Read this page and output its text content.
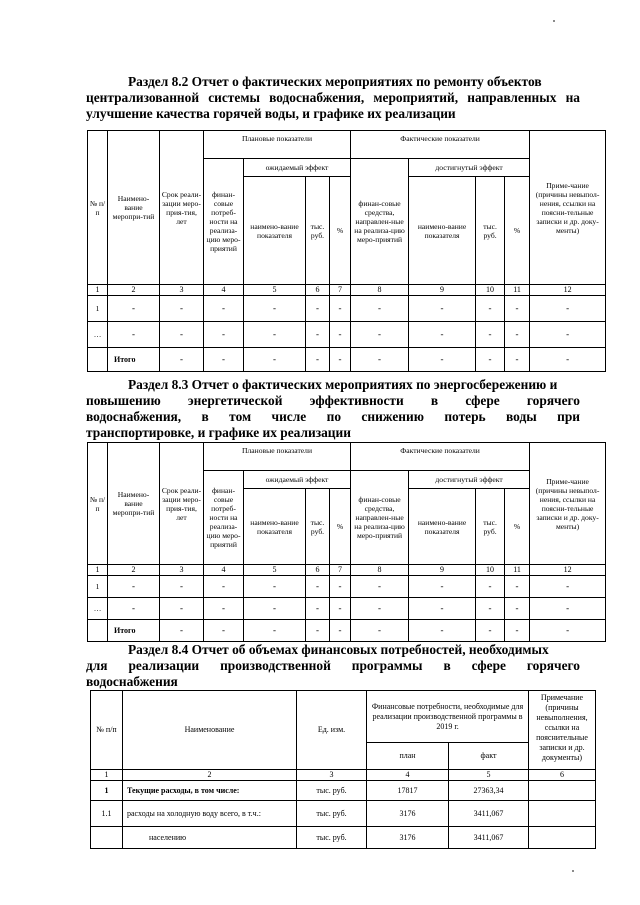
Раздел 8.2 Отчет о фактических мероприятиях по ремонту объектов
централизованной системы водоснабжения, мероприятий, направленных на
улучшение качества горячей воды, и графике их реализации
№ п/п	Наимено-вание меропри-тий	Срок реали-зации меро-прия-тия, лет	Плановые показатели				Фактические показатели				Приме-чание (причины невыпол-нения, ссылки на поясни-тельные записки и др. доку-менты)
			финан-совые потреб-ности на реализа-цию меро-приятий	ожидаемый эффект			финан-совые средства, направлен-ные на реализа-цию меро-приятий	достигнутый эффект			
				наимено-вание показателя	тыс. руб.	%		наимено-вание показателя	тыс. руб.	%	
1	2	3	4	5	6	7	8	9	10	11	12
1	-	-	-	-	-	-	-	-	-	-	-
…	-	-	-	-	-	-	-	-	-	-	-
	Итого	-	-	-	-	-	-	-	-	-	-
Раздел 8.3 Отчет о фактических мероприятиях по энергосбережению и
повышению энергетической эффективности в сфере горячего
водоснабжения, в том числе по снижению потерь воды при
транспортировке, и графике их реализации
№ п/п	Наимено-вание меропри-тий	Срок реали-зации меро-прия-тия, лет	Плановые показатели				Фактические показатели				Приме-чание (причины невыпол-нения, ссылки на поясни-тельные записки и др. доку-менты)
			финан-совые потреб-ности на реализа-цию меро-приятий	ожидаемый эффект			финан-совые средства, направлен-ные на реализа-цию меро-приятий	достигнутый эффект			
				наимено-вание показателя	тыс. руб.	%		наимено-вание показателя	тыс. руб.	%	
1	2	3	4	5	6	7	8	9	10	11	12
1	-	-	-	-	-	-	-	-	-	-	-
…	-	-	-	-	-	-	-	-	-	-	-
	Итого	-	-	-	-	-	-	-	-	-	-
Раздел 8.4 Отчет об объемах финансовых потребностей, необходимых
для реализации производственной программы в сфере горячего
водоснабжения
№ п/п	Наименование	Ед. изм.	Финансовые потребности, необходимые для реализации производственной программы в 2019 г.		Примечание (причины невыполнения, ссылки на пояснительные записки и др. документы)
			план	факт	
1	2	3	4	5	6
1	Текущие расходы, в том числе:	тыс. руб.	17817	27363,34	
1.1	расходы на холодную воду всего, в т.ч.:	тыс. руб.	3176	3411,067	
	населению	тыс. руб.	3176	3411,067	
